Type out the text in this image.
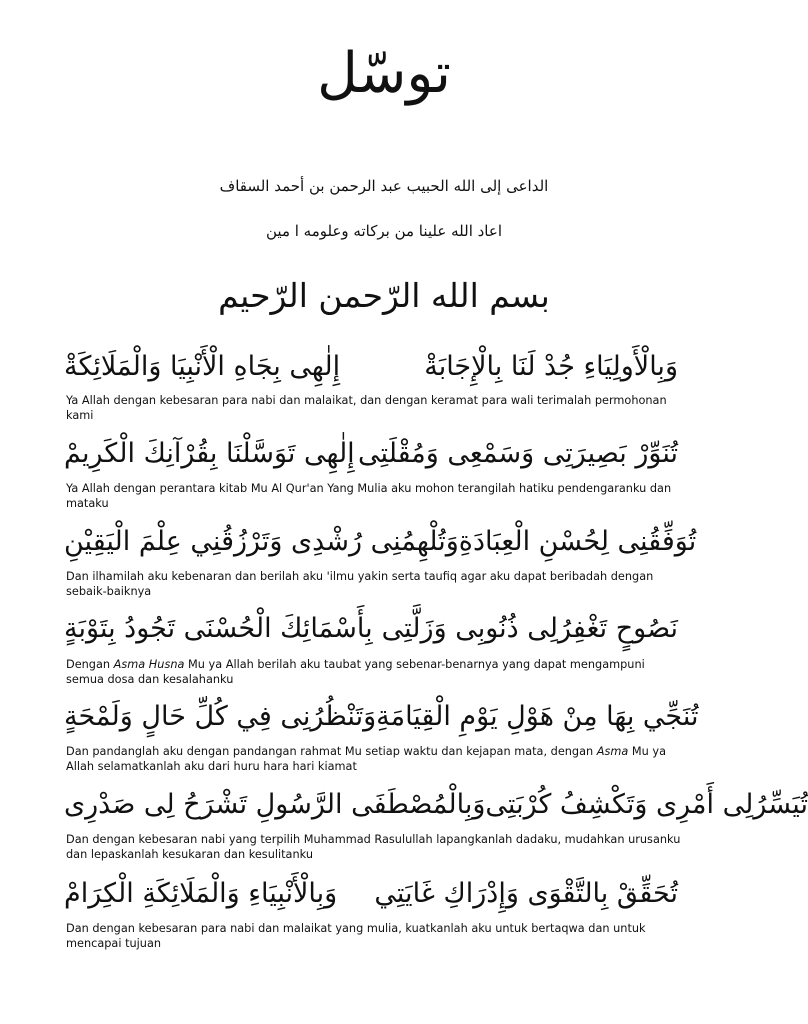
توسّل
الداعى إلى الله الحبيب عبد الرحمن بن أحمد السقاف
اعاد الله علينا من بركاته وعلومه ا مين
بسم الله الرّحمن الرّحيم
إِلٰهِى بِجَاهِ الْأَنْبِيَا وَالْمَلَائِكَةْ	وَبِالْأَولِيَاءِ جُدْ لَنَا بِالْإِجَابَةْ
Ya Allah dengan kebesaran para nabi dan malaikat, dan dengan keramat para wali terimalah permohonan kami
إِلٰهِى تَوَسَّلْنَا بِقُرْآنِكَ الْكَرِيمْ تُنَوِّرْ بَصِيرَتِى وَسَمْعِى وَمُقْلَتِى
Ya Allah dengan perantara kitab Mu Al Qur'an Yang Mulia aku mohon terangilah hatiku pendengaranku dan mataku
وَتُلْهِمُنِى رُشْدِى وَتَرْزُقُنِي عِلْمَ الْيَقِيْنِ تُوَفِّقُنِى لِحُسْنِ الْعِبَادَةِ
Dan ilhamilah aku kebenaran dan berilah aku 'ilmu yakin serta taufiq agar aku dapat beribadah dengan sebaik-baiknya
بِأَسْمَائِكَ الْحُسْنَى تَجُودُ بِتَوْبَةٍ نَصُوحٍ تَغْفِرُلِى ذُنُوبِى وَزَلَّتِى
Dengan Asma Husna Mu ya Allah berilah aku taubat yang sebenar-benarnya yang dapat mengampuni semua dosa dan kesalahanku
وَتَنْظُرُنِى فِي كُلِّ حَالٍ وَلَمْحَةٍ تُنَجِّي بِهَا مِنْ هَوْلِ يَوْمِ الْقِيَامَةِ
Dan pandanglah aku dengan pandangan rahmat Mu setiap waktu dan kejapan mata, dengan Asma Mu ya Allah selamatkanlah aku dari huru hara hari kiamat
وَبِالْمُصْطَفَى الرَّسُولِ تَشْرَحُ لِى صَدْرِى تُيَسِّرُلِى أَمْرِى وَتَكْشِفُ كُرْبَتِى
Dan dengan kebesaran nabi yang terpilih Muhammad Rasulullah lapangkanlah dadaku, mudahkan urusanku dan lepaskanlah kesukaran dan kesulitanku
وَبِالْأَنْبِيَاءِ وَالْمَلَائِكَةِ الْكِرَامْ تُحَقِّقْ بِالتَّقْوَى وَإِدْرَاكِ غَايَتِي
Dan dengan kebesaran para nabi dan malaikat yang mulia, kuatkanlah aku untuk bertaqwa dan untuk mencapai tujuan
